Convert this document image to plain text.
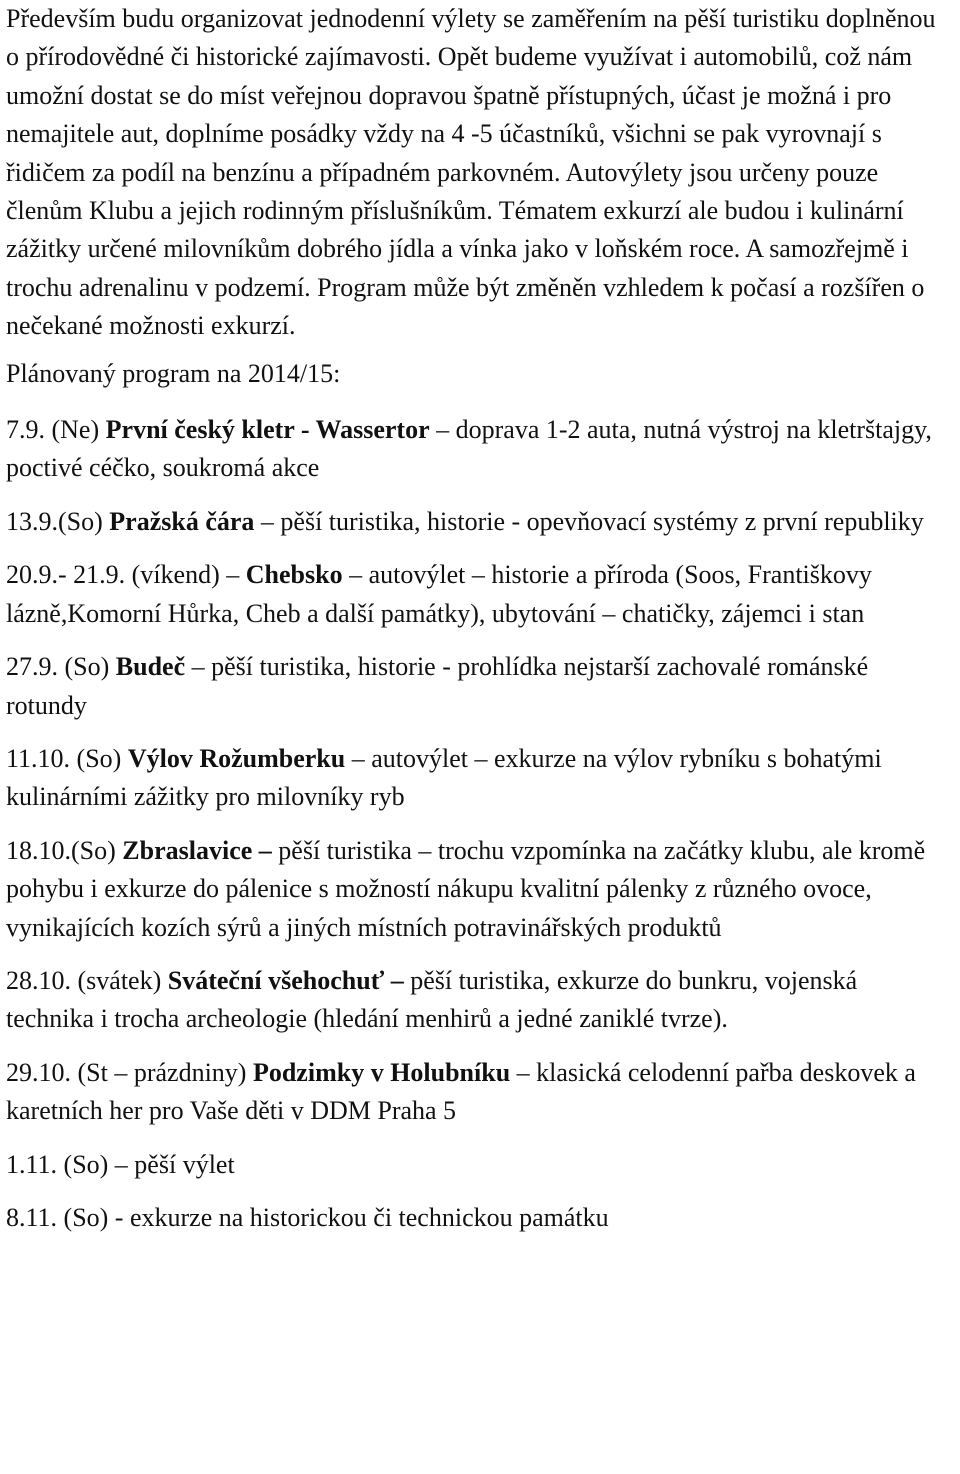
Především budu organizovat jednodenní výlety se zaměřením na pěší turistiku doplněnou o přírodovědné či historické zajímavosti. Opět budeme využívat i automobilů, což nám umožní dostat se do míst veřejnou dopravou špatně přístupných, účast je možná i pro nemajitele aut, doplníme posádky vždy na 4 -5 účastníků, všichni se pak vyrovnají s řidičem za podíl na benzínu a případném parkovném. Autovýlety jsou určeny pouze členům Klubu a jejich rodinným příslušníkům. Tématem exkurzí ale budou i kulinární zážitky určené milovníkům dobrého jídla a vínka jako v loňském roce. A samozřejmě i trochu adrenalinu v podzemí. Program může být změněn vzhledem k počasí a rozšířen o nečekané možnosti exkurzí.

Plánovaný program na 2014/15:

7.9. (Ne) První český kletr - Wassertor – doprava 1-2 auta, nutná výstroj na kletrštajgy, poctivé céčko, soukromá akce

13.9.(So) Pražská čára – pěší turistika, historie - opevňovací systémy z první republiky

20.9.- 21.9. (víkend) – Chebsko – autovýlet – historie a příroda (Soos, Františkovy lázně,Komorní Hůrka, Cheb a další památky), ubytování – chatičky, zájemci i stan

27.9. (So) Budeč – pěší turistika, historie - prohlídka nejstarší zachovalé románské rotundy

11.10. (So) Výlov Rožumberku – autovýlet – exkurze na výlov rybníku s bohatými kulinárními zážitky pro milovníky ryb

18.10.(So) Zbraslavice – pěší turistika – trochu vzpomínka na začátky klubu, ale kromě pohybu i exkurze do pálenice s možností nákupu kvalitní pálenky z různého ovoce, vynikajících kozích sýrů a jiných místních potravinářských produktů

28.10. (svátek) Sváteční všehochuť – pěší turistika, exkurze do bunkru, vojenská technika i trocha archeologie (hledání menhirů a jedné zaniklé tvrze).

29.10. (St – prázdniny) Podzimky v Holubníku – klasická celodenní pařba deskovek a karetních her pro Vaše děti v DDM Praha 5

1.11. (So) – pěší výlet

8.11. (So) - exkurze na historickou či technickou památku
